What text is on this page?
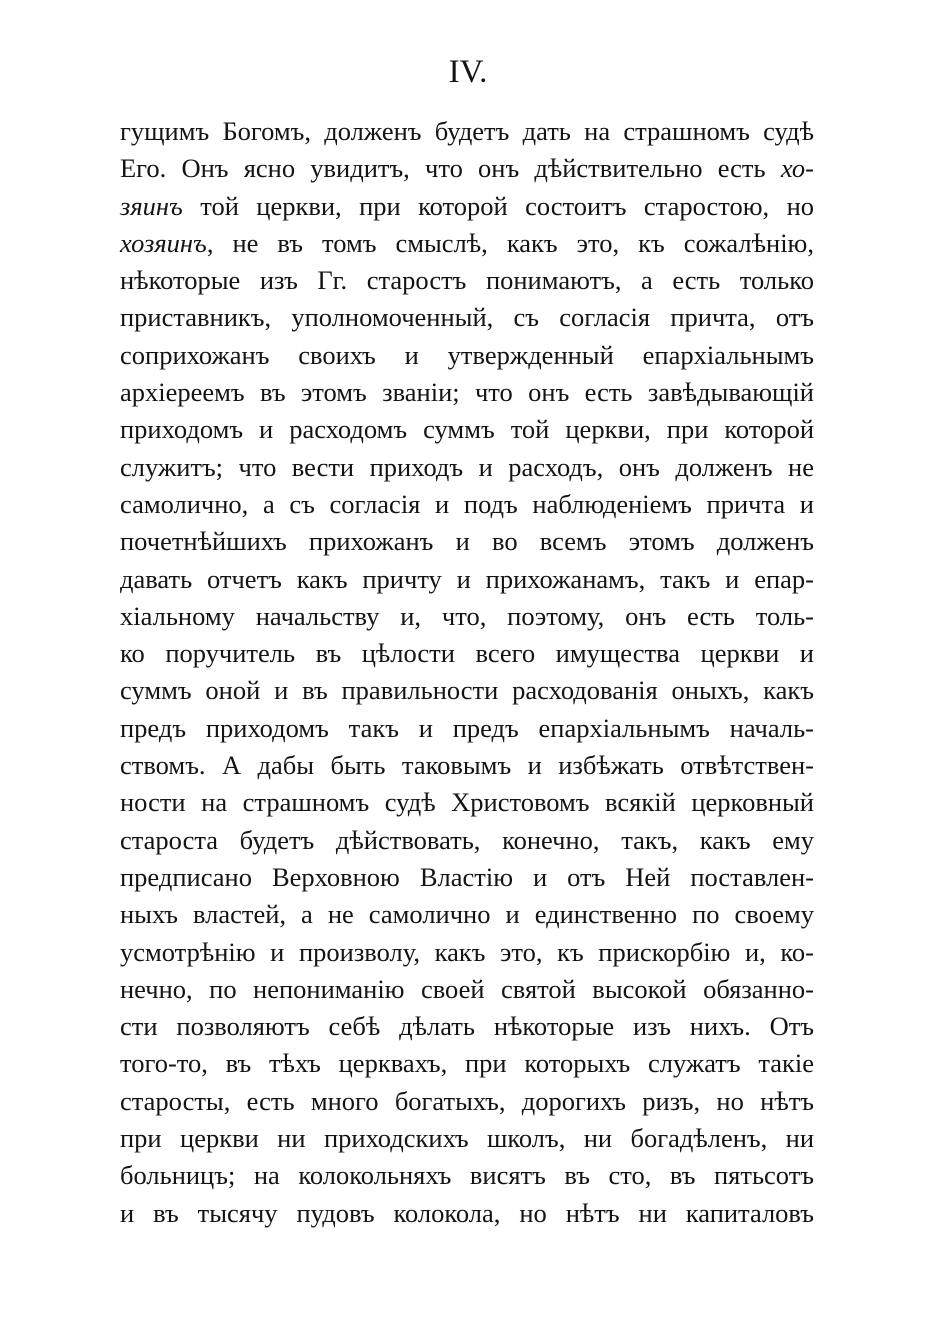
IV.
гущимъ Богомъ, долженъ будетъ дать на страшномъ судѣ
Его. Онъ ясно увидитъ, что онъ дѣйствительно есть хо-
зяинъ той церкви, при которой состоитъ старостою, но
хозяинъ, не въ томъ смыслѣ, какъ это, къ сожалѣнію,
нѣкоторые изъ Гг. старостъ понимаютъ, а есть только
приставникъ, уполномоченный, съ согласія причта, отъ
соприхожанъ своихъ и утвержденный епархіальнымъ
архіереемъ въ этомъ званіи; что онъ есть завѣдывающій
приходомъ и расходомъ суммъ той церкви, при которой
служитъ; что вести приходъ и расходъ, онъ долженъ не
самолично, а съ согласія и подъ наблюденіемъ причта и
почетнѣйшихъ прихожанъ и во всемъ этомъ долженъ
давать отчетъ какъ причту и прихожанамъ, такъ и епар-
хіальному начальству и, что, поэтому, онъ есть толь-
ко поручитель въ цѣлости всего имущества церкви и
суммъ оной и въ правильности расходованія оныхъ, какъ
предъ приходомъ такъ и предъ епархіальнымъ началь-
ствомъ. А дабы быть таковымъ и избѣжать отвѣтствен-
ности на страшномъ судѣ Христовомъ всякій церковный
староста будетъ дѣйствовать, конечно, такъ, какъ ему
предписано Верховною Властію и отъ Ней поставлен-
ныхъ властей, а не самолично и единственно по своему
усмотрѣнію и произволу, какъ это, къ прискорбію и, ко-
нечно, по непониманію своей святой высокой обязанно-
сти позволяютъ себѣ дѣлать нѣкоторые изъ нихъ. Отъ
того-то, въ тѣхъ церквахъ, при которыхъ служатъ такіе
старосты, есть много богатыхъ, дорогихъ ризъ, но нѣтъ
при церкви ни приходскихъ школъ, ни богадѣленъ, ни
больницъ; на колокольняхъ висятъ въ сто, въ пятьсотъ
и въ тысячу пудовъ колокола, но нѣтъ ни капиталовъ
